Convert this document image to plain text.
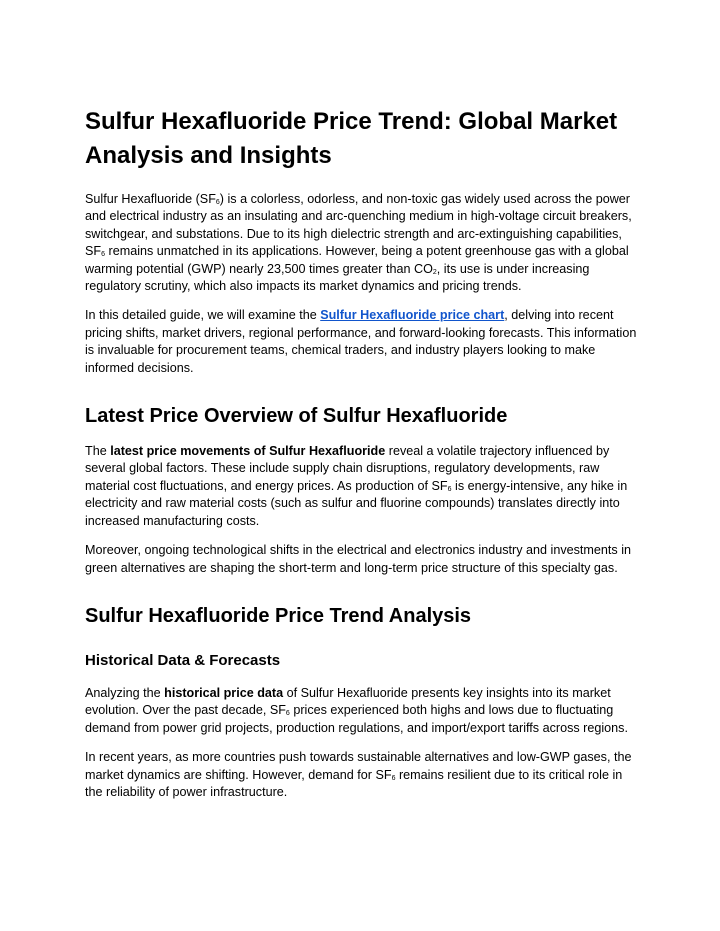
Sulfur Hexafluoride Price Trend: Global Market Analysis and Insights

Sulfur Hexafluoride $(SF_6)$ is a colorless, odorless, and non-toxic gas widely used across the power and electrical industry as an insulating and arc-quenching medium in high-voltage circuit breakers, switchgear, and substations. Due to its high dielectric strength and arc-extinguishing capabilities, $SF_6$ remains unmatched in its applications. However, being a potent greenhouse gas with a global warming potential (GWP) nearly 23,500 times greater than $CO_2$, its use is under increasing regulatory scrutiny, which also impacts its market dynamics and pricing trends.

In this detailed guide, we will examine the Sulfur Hexafluoride price chart, delving into recent pricing shifts, market drivers, regional performance, and forward-looking forecasts. This information is invaluable for procurement teams, chemical traders, and industry players looking to make informed decisions.

Latest Price Overview of Sulfur Hexafluoride

The latest price movements of Sulfur Hexafluoride reveal a volatile trajectory influenced by several global factors. These include supply chain disruptions, regulatory developments, raw material cost fluctuations, and energy prices. As production of $SF_6$ is energy-intensive, any hike in electricity and raw material costs (such as sulfur and fluorine compounds) translates directly into increased manufacturing costs.

Moreover, ongoing technological shifts in the electrical and electronics industry and investments in green alternatives are shaping the short-term and long-term price structure of this specialty gas.

Sulfur Hexafluoride Price Trend Analysis
Historical Data & Forecasts

Analyzing the historical price data of Sulfur Hexafluoride presents key insights into its market evolution. Over the past decade, $SF_6$ prices experienced both highs and lows due to fluctuating demand from power grid projects, production regulations, and import/export tariffs across regions.

In recent years, as more countries push towards sustainable alternatives and low-GWP gases, the market dynamics are shifting. However, demand for $SF_6$ remains resilient due to its critical role in the reliability of power infrastructure.
